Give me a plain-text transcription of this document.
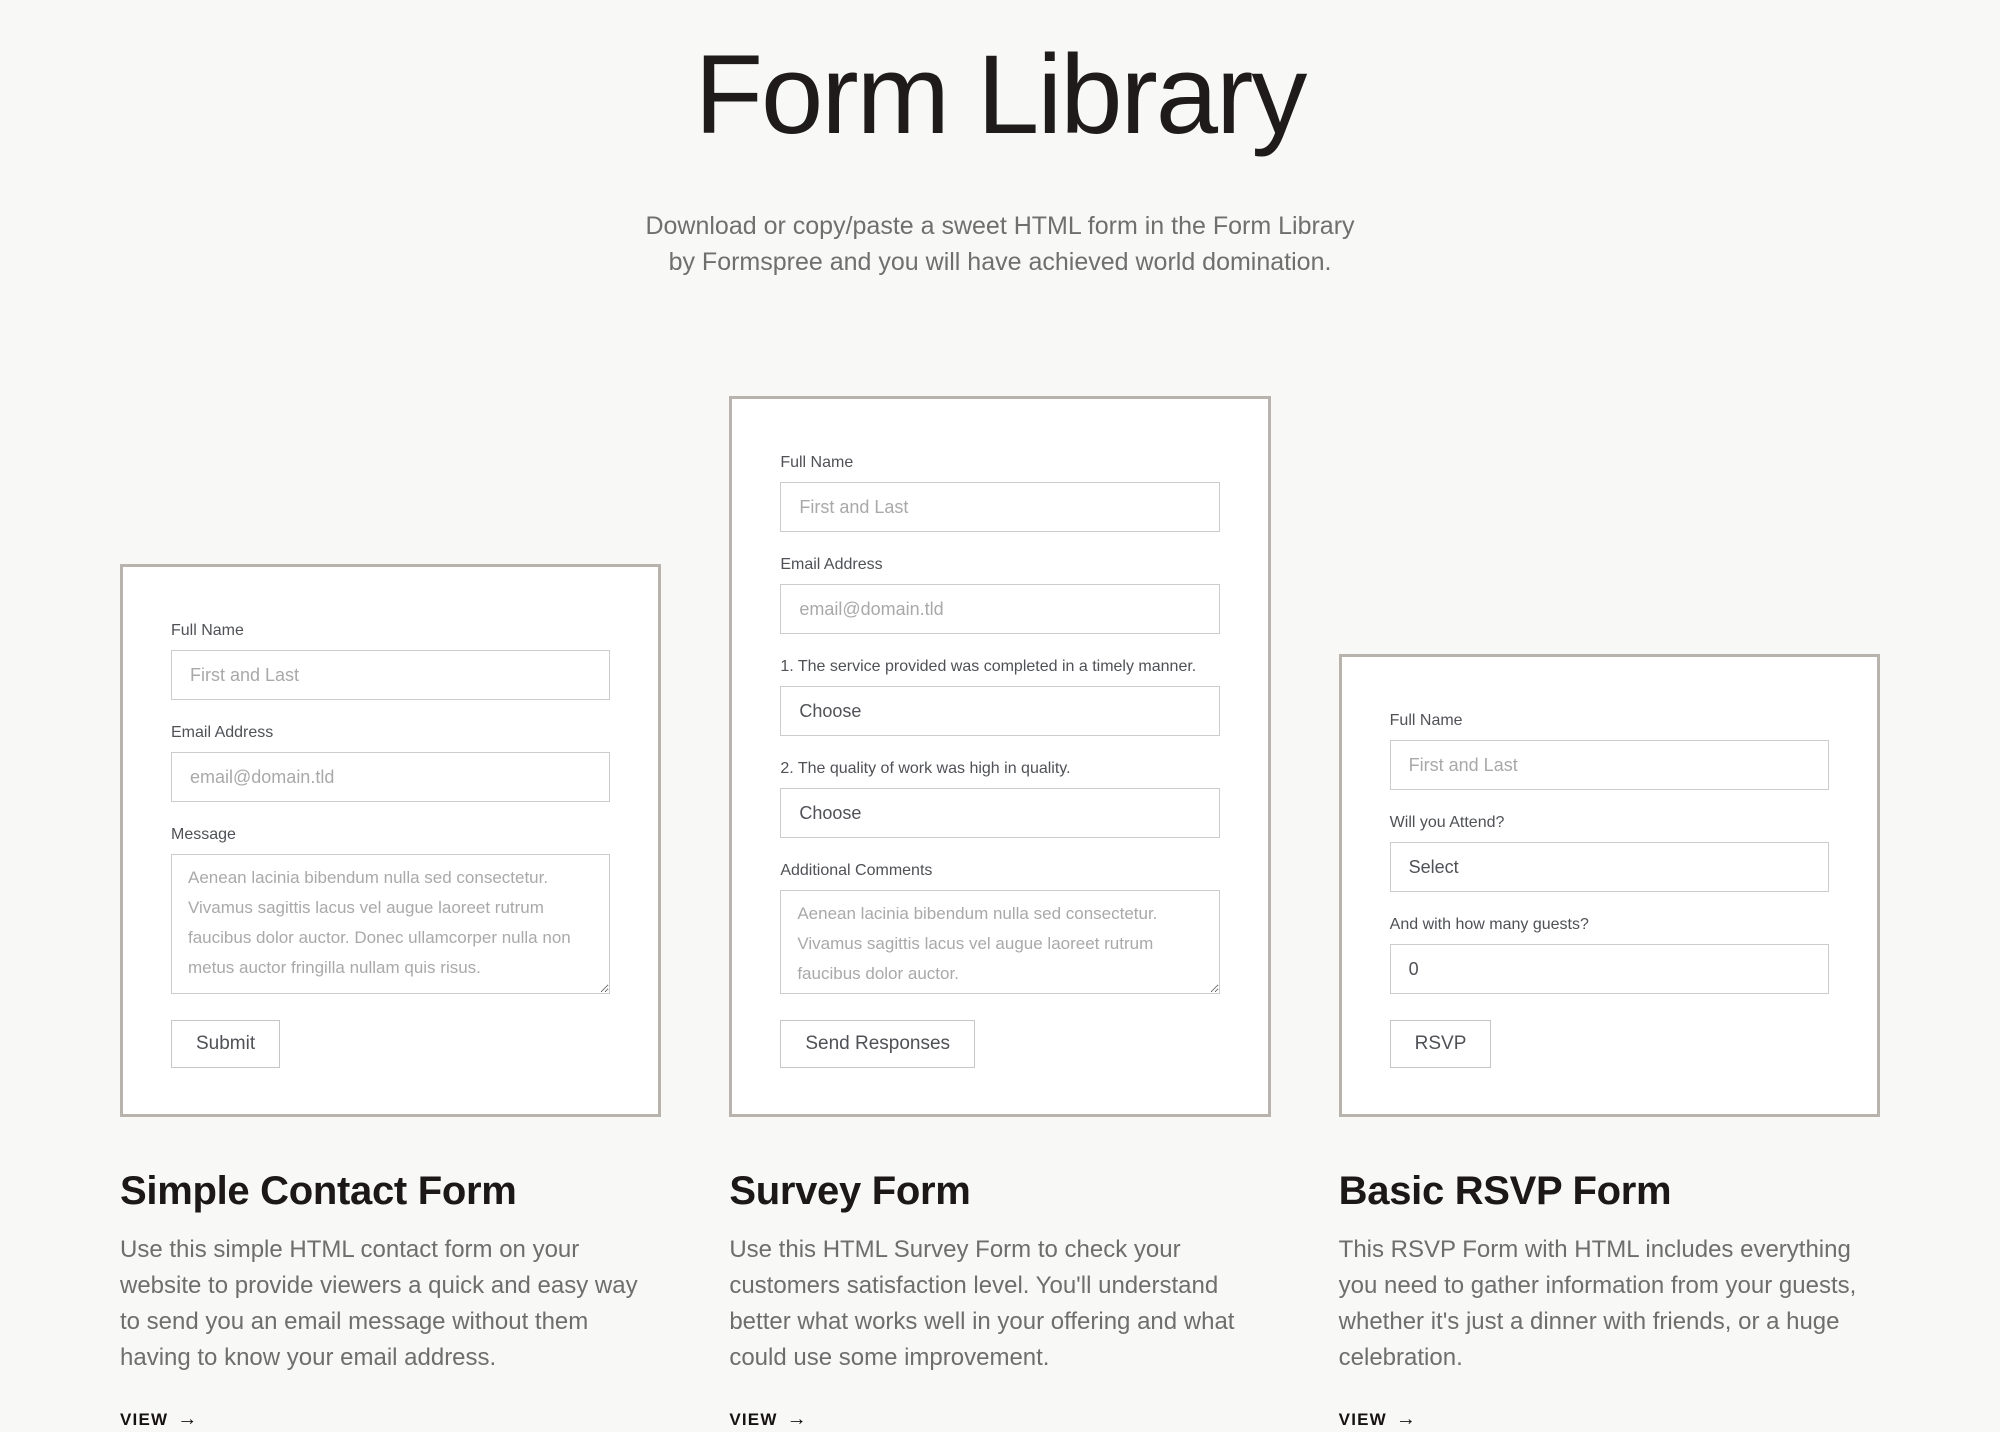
Form Library
Download or copy/paste a sweet HTML form in the Form Library
by Formspree and you will have achieved world domination.
Full Name
First and Last
Email Address
email@domain.tld
Message
Aenean lacinia bibendum nulla sed consectetur. Vivamus sagittis lacus vel augue laoreet rutrum faucibus dolor auctor. Donec ullamcorper nulla non metus auctor fringilla nullam quis risus.
Submit
Full Name
First and Last
Email Address
email@domain.tld
1. The service provided was completed in a timely manner.
Choose
2. The quality of work was high in quality.
Choose
Additional Comments
Aenean lacinia bibendum nulla sed consectetur. Vivamus sagittis lacus vel augue laoreet rutrum faucibus dolor auctor.
Send Responses
Full Name
First and Last
Will you Attend?
Select
And with how many guests?
0
RSVP
Simple Contact Form

Use this simple HTML contact form on your website to provide viewers a quick and easy way to send you an email message without them having to know your email address.

VIEW →
Survey Form

Use this HTML Survey Form to check your customers satisfaction level. You'll understand better what works well in your offering and what could use some improvement.

VIEW →
Basic RSVP Form

This RSVP Form with HTML includes everything you need to gather information from your guests, whether it's just a dinner with friends, or a huge celebration.

VIEW →
